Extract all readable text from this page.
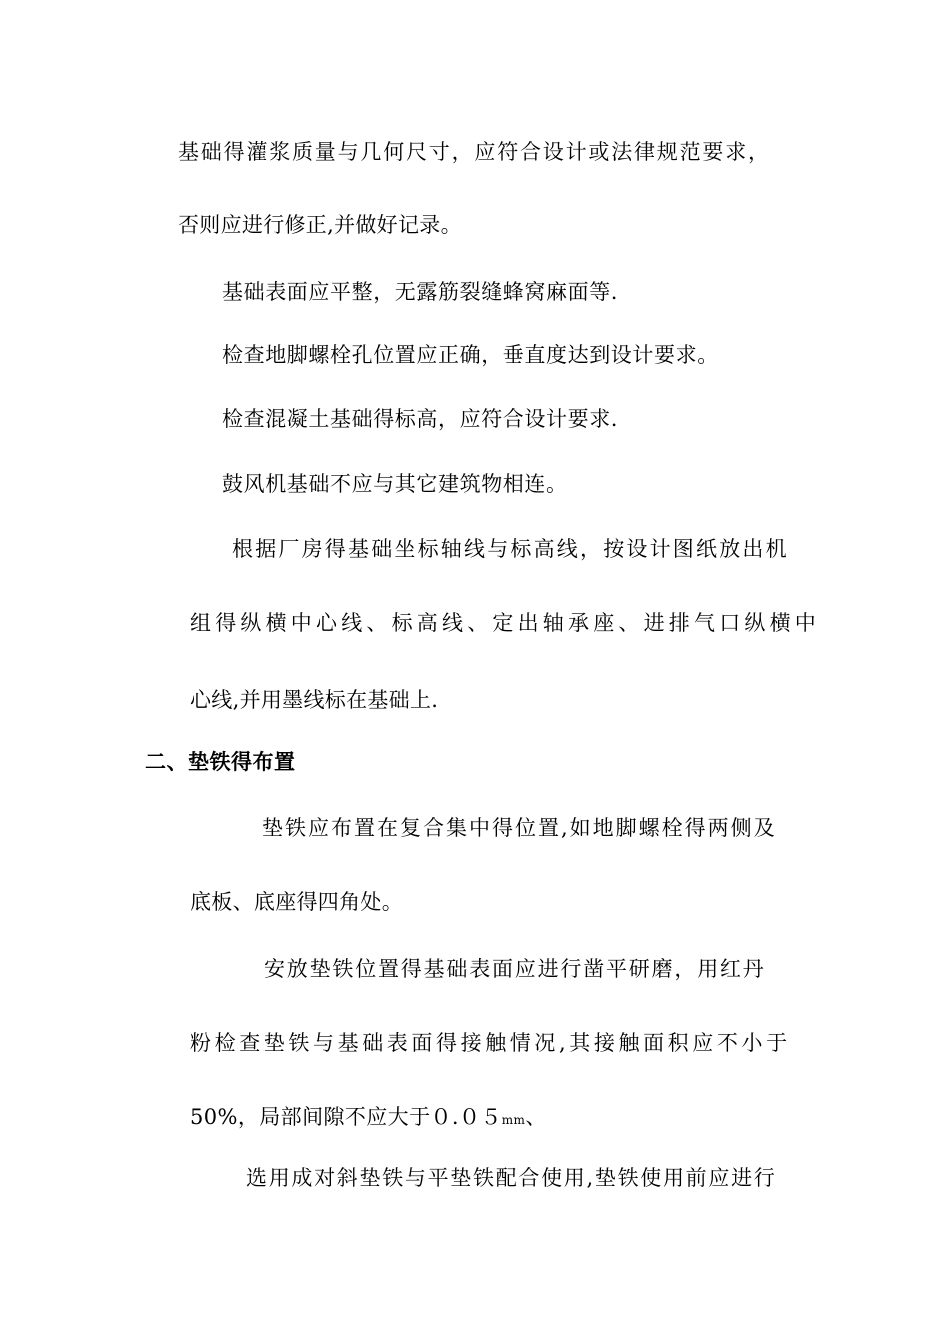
基础得灌浆质量与几何尺寸，应符合设计或法律规范要求，
否则应进行修正,并做好记录。
基础表面应平整，无露筋裂缝蜂窝麻面等.
检查地脚螺栓孔位置应正确，垂直度达到设计要求。
检查混凝土基础得标高，应符合设计要求.
鼓风机基础不应与其它建筑物相连。
根据厂房得基础坐标轴线与标高线，按设计图纸放出机
组得纵横中心线、标高线、定出轴承座、进排气口纵横中
心线,并用墨线标在基础上.
二、垫铁得布置
垫铁应布置在复合集中得位置,如地脚螺栓得两侧及
底板、底座得四角处。
安放垫铁位置得基础表面应进行凿平研磨，用红丹
粉检查垫铁与基础表面得接触情况,其接触面积应不小于
50%，局部间隙不应大于０.０５mm、
选用成对斜垫铁与平垫铁配合使用,垫铁使用前应进行
